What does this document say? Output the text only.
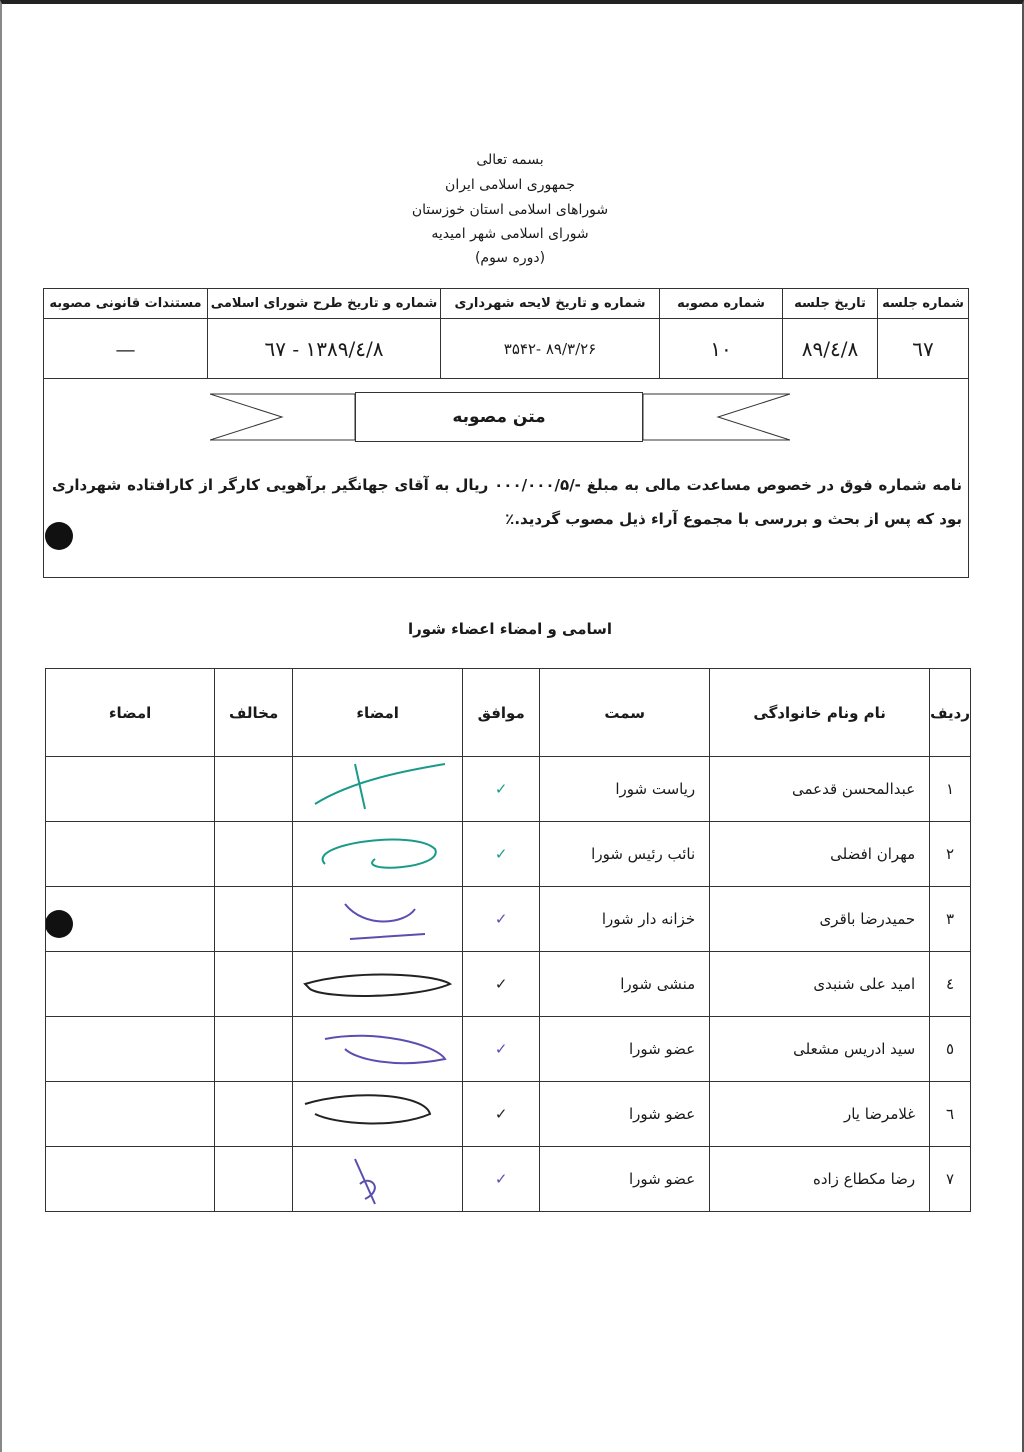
بسمه تعالی
جمهوری اسلامی ایران
شوراهای اسلامی استان خوزستان
شورای اسلامی شهر امیدیه
(دوره سوم)
شماره جلسه	تاریخ جلسه	شماره مصوبه	شماره و تاریخ لایحه شهرداری	شماره و تاریخ طرح شورای اسلامی	مستندات قانونی مصوبه
٦٧	٨٩/٤/٨	١٠	٨٩/٣/٢۶ -٣۵۴٢	١٣٨٩/٤/٨ - ٦٧	—
متن مصوبه
نامه شماره فوق در خصوص مساعدت مالی به مبلغ -/۰۰۰/۰۰۰/۵ ریال به آقای جهانگیر برآهویی کارگر از کارافتاده شهرداری بود که پس از بحث و بررسی با مجموع آراء ذیل مصوب گردید.٪
اسامی و امضاء اعضاء شورا
ردیف	نام ونام خانوادگی	سمت	موافق	امضاء	مخالف	امضاء
۱	عبدالمحسن قدعمی	ریاست شورا	✓	

۲	مهران افضلی	نائب رئیس شورا	✓	

۳	حمیدرضا باقری	خزانه دار شورا	✓	

٤	امید علی شنبدی	منشی شورا	✓	

٥	سید ادریس مشعلی	عضو شورا	✓	

٦	غلامرضا یار	عضو شورا	✓	

٧	رضا مکطاع زاده	عضو شورا	✓	
